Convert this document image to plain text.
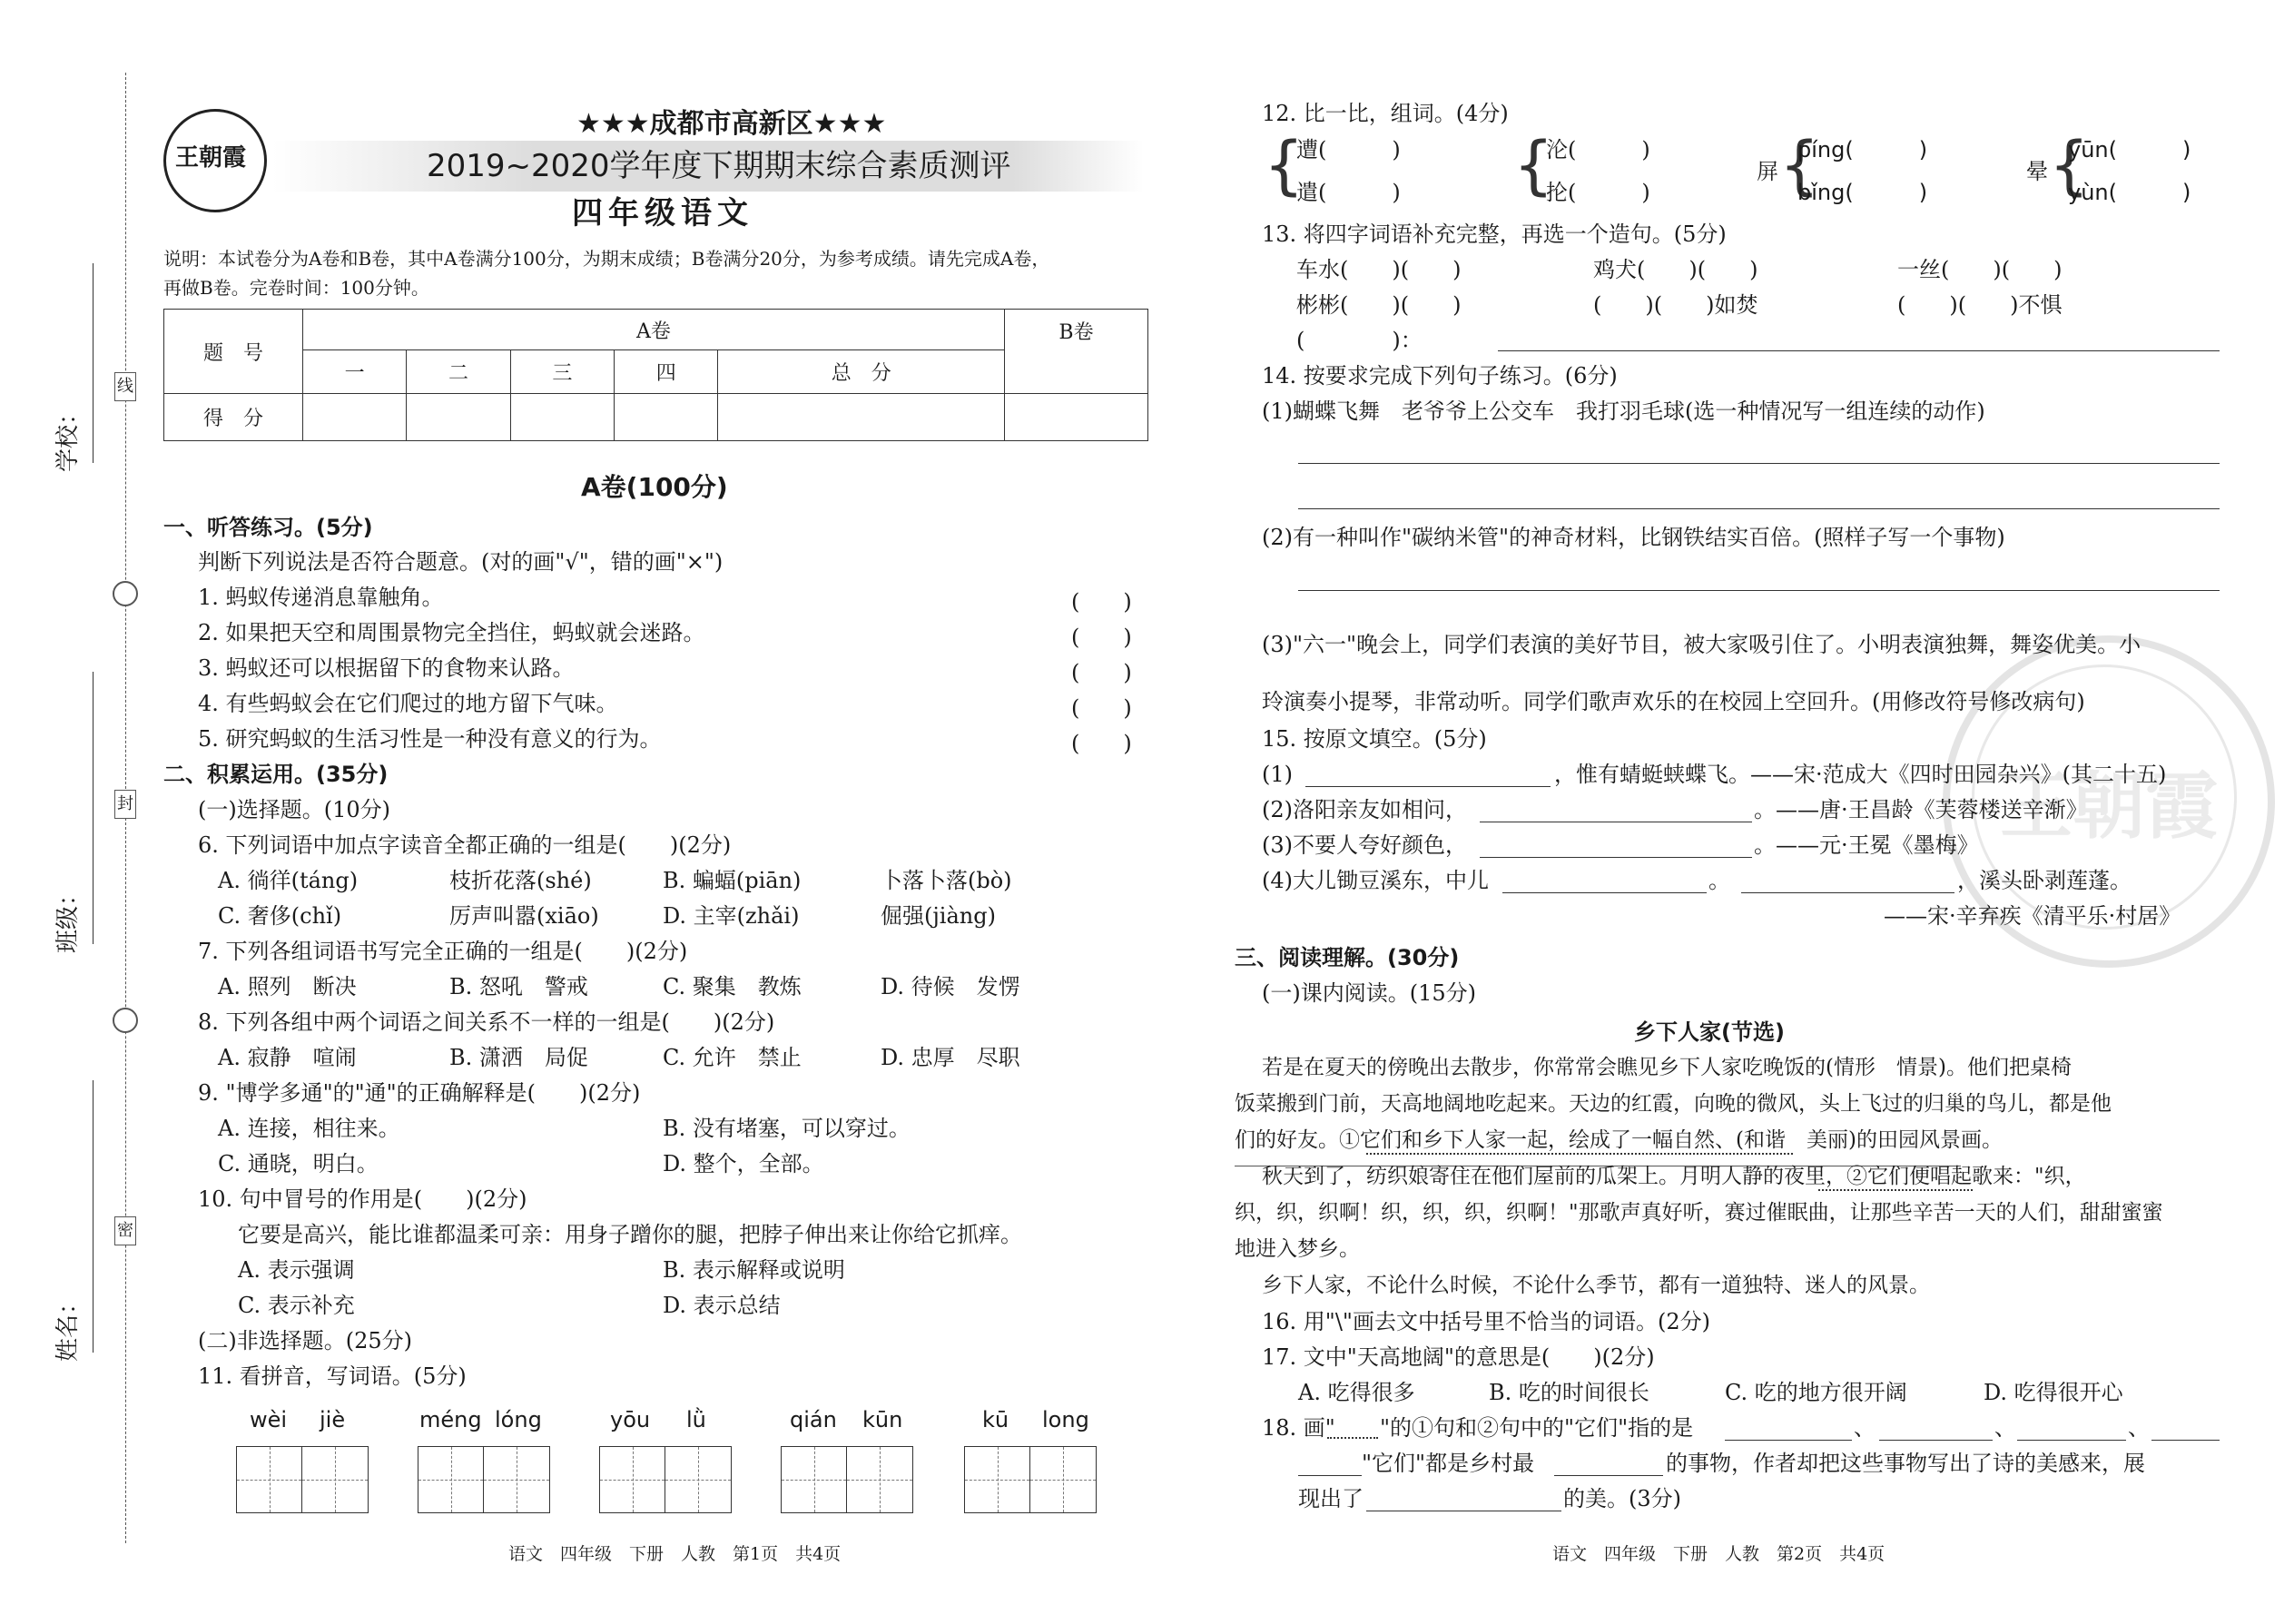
学校：
班级：
姓名：
线
封
密
王朝霞
★★★成都市高新区★★★
2019~2020学年度下期期末综合素质测评
四年级语文
说明：本试卷分为A卷和B卷，其中A卷满分100分，为期末成绩；B卷满分20分，为参考成绩。请先完成A卷，
再做B卷。完卷时间：100分钟。
题　号	A卷					B卷
	一	二	三	四	总　分	
得　分						
A卷(100分)
一、听答练习。(5分)
判断下列说法是否符合题意。(对的画"√"，错的画"×")
1. 蚂蚁传递消息靠触角。
2. 如果把天空和周围景物完全挡住，蚂蚁就会迷路。
3. 蚂蚁还可以根据留下的食物来认路。
4. 有些蚂蚁会在它们爬过的地方留下气味。
5. 研究蚂蚁的生活习性是一种没有意义的行为。
(　　)
(　　)
(　　)
(　　)
(　　)
二、积累运用。(35分)
(一)选择题。(10分)
6. 下列词语中加点字读音全都正确的一组是(　　)(2分)
A. 徜徉(táng)	枝折花落(shé)	B. 蝙蝠(piān)	卜落卜落(bò)
C. 奢侈(chǐ)	厉声叫嚣(xiāo)	D. 主宰(zhǎi)	倔强(jiàng)
7. 下列各组词语书写完全正确的一组是(　　)(2分)
A. 照列　断决	B. 怒吼　警戒	C. 聚集　教炼	D. 待候　发愣
8. 下列各组中两个词语之间关系不一样的一组是(　　)(2分)
A. 寂静　喧闹	B. 潇洒　局促	C. 允许　禁止	D. 忠厚　尽职
9. "博学多通"的"通"的正确解释是(　　)(2分)
A. 连接，相往来。	B. 没有堵塞，可以穿过。
C. 通晓，明白。	D. 整个，全部。
10. 句中冒号的作用是(　　)(2分)
它要是高兴，能比谁都温柔可亲：用身子蹭你的腿，把脖子伸出来让你给它抓痒。
A. 表示强调	B. 表示解释或说明
C. 表示补充	D. 表示总结
(二)非选择题。(25分)
11. 看拼音，写词语。(5分)
wèi jiè	méng lóng	yōu lǜ	qián kūn	kū long
语文　四年级　下册　人教　第1页　共4页
王朝霞
12. 比一比，组词。(4分)
{
遭(　　　)
遣(　　　) {
沦(　　　)
抡(　　　)
屏 {
píng(　　　)
bǐng(　　　)
晕 {
yūn(　　　)
yùn(　　　)
13. 将四字词语补充完整，再选一个造句。(5分)
车水(　　)(　　)	鸡犬(　　)(　　)	一丝(　　)(　　)
彬彬(　　)(　　)	(　　)(　　)如焚	(　　)(　　)不惧
(　　　　)：
14. 按要求完成下列句子练习。(6分)
(1)蝴蝶飞舞　老爷爷上公交车　我打羽毛球(选一种情况写一组连续的动作)
(2)有一种叫作"碳纳米管"的神奇材料，比钢铁结实百倍。(照样子写一个事物)
(3)"六一"晚会上，同学们表演的美好节目，被大家吸引住了。小明表演独舞，舞姿优美。小
玲演奏小提琴，非常动听。同学们歌声欢乐的在校园上空回升。(用修改符号修改病句)
15. 按原文填空。(5分)
(1)	，惟有蜻蜓蛱蝶飞。——宋·范成大《四时田园杂兴》(其二十五)
(2)洛阳亲友如相问，	。——唐·王昌龄《芙蓉楼送辛渐》
(3)不要人夸好颜色，	。——元·王冕《墨梅》
(4)大儿锄豆溪东，中儿	。	，溪头卧剥莲蓬。
——宋·辛弃疾《清平乐·村居》
三、阅读理解。(30分)
(一)课内阅读。(15分)
乡下人家(节选)
若是在夏天的傍晚出去散步，你常常会瞧见乡下人家吃晚饭的(情形　情景)。他们把桌椅
饭菜搬到门前，天高地阔地吃起来。天边的红霞，向晚的微风，头上飞过的归巢的鸟儿，都是他
们的好友。①它们和乡下人家一起，绘成了一幅自然、(和谐　美丽)的田园风景画。
秋天到了，纺织娘寄住在他们屋前的瓜架上。月明人静的夜里，②它们便唱起歌来："织，
织，织，织啊！织，织，织，织啊！"那歌声真好听，赛过催眠曲，让那些辛苦一天的人们，甜甜蜜蜜
地进入梦乡。
乡下人家，不论什么时候，不论什么季节，都有一道独特、迷人的风景。
16. 用"\"画去文中括号里不恰当的词语。(2分)
17. 文中"天高地阔"的意思是(　　)(2分)
A. 吃得很多	B. 吃的时间很长	C. 吃的地方很开阔	D. 吃得很开心
18. 画" "的①句和②句中的"它们"指的是	、	、	、
"它们"都是乡村最	的事物，作者却把这些事物写出了诗的美感来，展
现出了	的美。(3分)
语文　四年级　下册　人教　第2页　共4页
